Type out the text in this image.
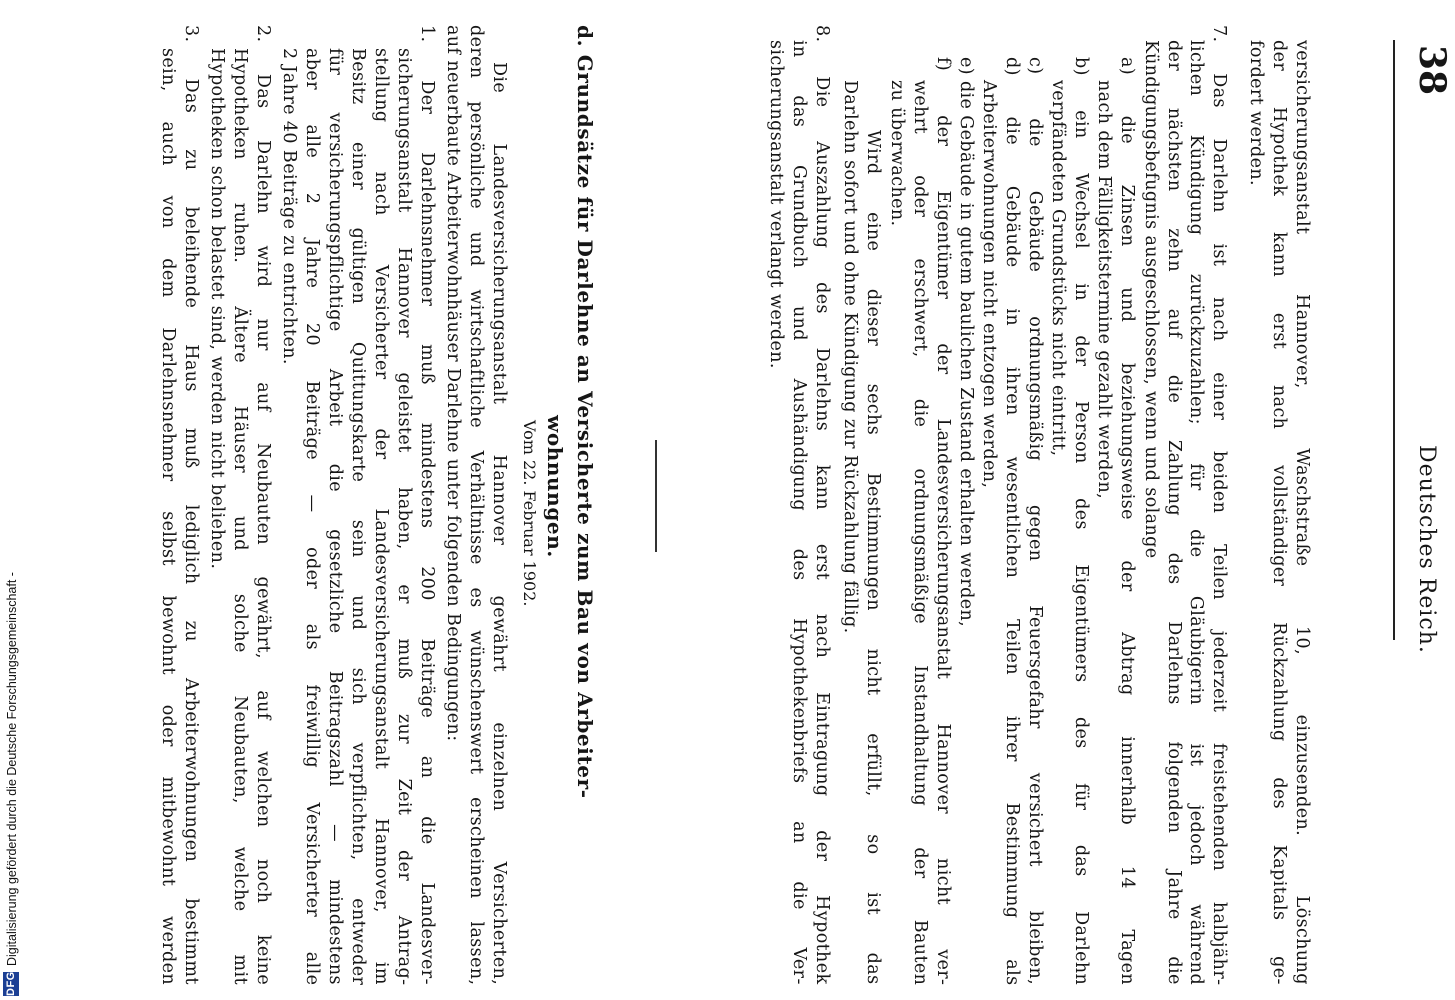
38
Deutsches Reich.
versicherungsanstalt Hannover, Waschstraße 10, einzusenden. Löschung
der Hypothek kann erst nach vollständiger Rückzahlung des Kapitals ge-
fordert werden.
7. Das Darlehn ist nach einer beiden Teilen jederzeit freistehenden halbjähr-
lichen Kündigung zurückzuzahlen; für die Gläubigerin ist jedoch während
der nächsten zehn auf die Zahlung des Darlehns folgenden Jahre die
Kündigungsbefugnis ausgeschlossen, wenn und solange
a) die Zinsen und beziehungsweise der Abtrag innerhalb 14 Tagen
nach dem Fälligkeitstermine gezahlt werden,
b) ein Wechsel in der Person des Eigentümers des für das Darlehn
verpfändeten Grundstücks nicht eintritt,
c) die Gebäude ordnungsmäßig gegen Feuersgefahr versichert bleiben,
d) die Gebäude in ihren wesentlichen Teilen ihrer Bestimmung als
Arbeiterwohnungen nicht entzogen werden,
e) die Gebäude in gutem baulichen Zustand erhalten werden,
f) der Eigentümer der Landesversicherungsanstalt Hannover nicht ver-
wehrt oder erschwert, die ordnungsmäßige Instandhaltung der Bauten
zu überwachen.
Wird eine dieser sechs Bestimmungen nicht erfüllt, so ist das
Darlehn sofort und ohne Kündigung zur Rückzahlung fällig.
8. Die Auszahlung des Darlehns kann erst nach Eintragung der Hypothek
in das Grundbuch und Aushändigung des Hypothekenbriefs an die Ver-
sicherungsanstalt verlangt werden.
d. Grundsätze für Darlehne an Versicherte zum Bau von Arbeiter-
wohnungen.
Vom 22. Februar 1902.
Die Landesversicherungsanstalt Hannover gewährt einzelnen Versicherten,
deren persönliche und wirtschaftliche Verhältnisse es wünschenswert erscheinen lassen,
auf neuerbaute Arbeiterwohnhäuser Darlehne unter folgenden Bedingungen:
1. Der Darlehnsnehmer muß mindestens 200 Beiträge an die Landesver-
sicherungsanstalt Hannover geleistet haben, er muß zur Zeit der Antrag-
stellung nach Versicherter der Landesversicherungsanstalt Hannover, im
Besitz einer gültigen Quittungskarte sein und sich verpflichten, entweder
für versicherungspflichtige Arbeit die gesetzliche Beitragszahl — mindestens
aber alle 2 Jahre 20 Beiträge — oder als freiwillig Versicherter alle
2 Jahre 40 Beiträge zu entrichten.
2. Das Darlehn wird nur auf Neubauten gewährt, auf welchen noch keine
Hypotheken ruhen. Ältere Häuser und solche Neubauten, welche mit
Hypotheken schon belastet sind, werden nicht beliehen.
3. Das zu beleihende Haus muß lediglich zu Arbeiterwohnungen bestimmt
sein, auch von dem Darlehnsnehmer selbst bewohnt oder mitbewohnt werden
DFG
Digitalisierung gefördert durch die Deutsche Forschungsgemeinschaft -
